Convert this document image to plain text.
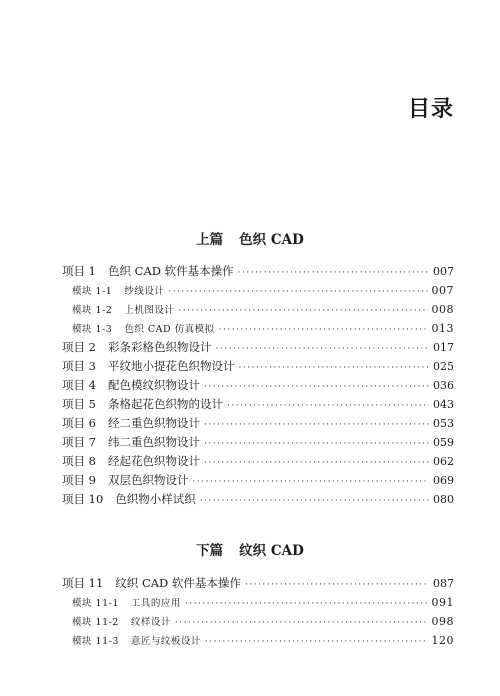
目录
上篇 色织 CAD
项目 1 色织 CAD 软件基本操作 ·····	007
模块 1-1 纱线设计 ·····	007
模块 1-2 上机图设计 ·····	008
模块 1-3 色织 CAD 仿真模拟 ·····	013
项目 2 彩条彩格色织物设计 ·····	017
项目 3 平纹地小提花色织物设计 ·····	025
项目 4 配色模纹织物设计 ·····	036
项目 5 条格起花色织物的设计 ·····	043
项目 6 经二重色织物设计 ·····	053
项目 7 纬二重色织物设计 ·····	059
项目 8 经起花色织物设计 ·····	062
项目 9 双层色织物设计 ·····	069
项目 10 色织物小样试织 ·····	080
下篇 纹织 CAD
项目 11 纹织 CAD 软件基本操作 ·····	087
模块 11-1 工具的应用 ·····	091
模块 11-2 纹样设计 ·····	098
模块 11-3 意匠与纹板设计 ·····	120
